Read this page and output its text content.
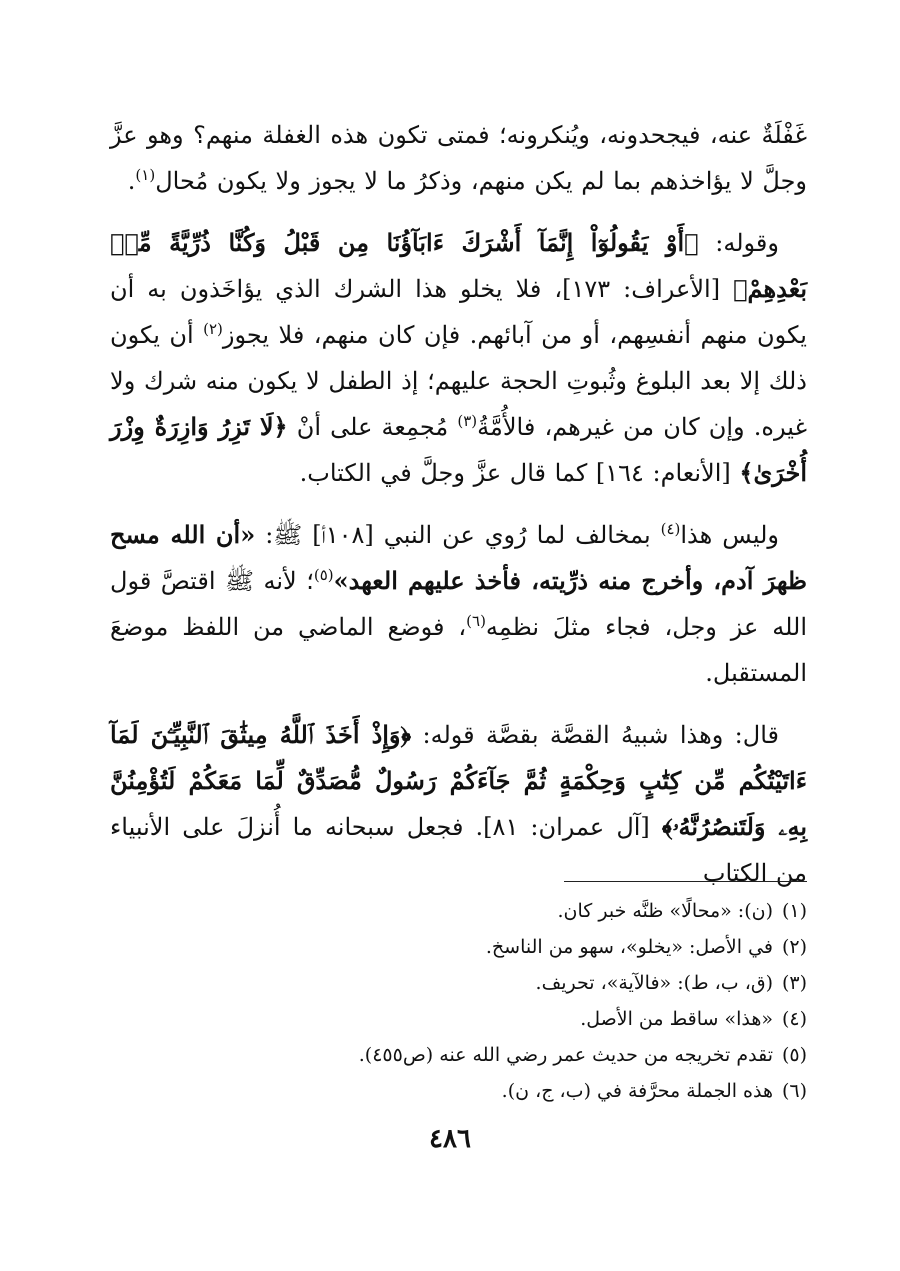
غَفْلَةٌ عنه، فيجحدونه، ويُنكرونه؛ فمتى تكون هذه الغفلة منهم؟ وهو عزَّ وجلَّ لا يؤاخذهم بما لم يكن منهم، وذكرُ ما لا يجوز ولا يكون مُحال$^{(١)}$.

وقوله: ﴿أَوْ يَقُولُوٓاْ إِنَّمَآ أَشْرَكَ ءَابَآؤُنَا مِن قَبْلُ وَكُنَّا ذُرِّيَّةً مِّنۢ بَعْدِهِمْ﴾ [الأعراف: ١٧٣]، فلا يخلو هذا الشرك الذي يؤاخَذون به أن يكون منهم أنفسِهم، أو من آبائهم. فإن كان منهم، فلا يجوز$^{(٢)}$ أن يكون ذلك إلا بعد البلوغ وثُبوتِ الحجة عليهم؛ إذ الطفل لا يكون منه شرك ولا غيره. وإن كان من غيرهم، فالأُمَّةُ$^{(٣)}$ مُجمِعة على أنْ ﴿لَا تَزِرُ وَازِرَةٌ وِزْرَ أُخْرَىٰ﴾ [الأنعام: ١٦٤] كما قال عزَّ وجلَّ في الكتاب.

وليس هذا$^{(٤)}$ بمخالف لما رُوي عن النبي [١٠٨أ] ﷺ: «أن الله مسح ظهرَ آدم، وأخرج منه ذرِّيته، فأخذ عليهم العهد»$^{(٥)}$؛ لأنه ﷺ اقتصَّ قول الله عز وجل، فجاء مثلَ نظمِه$^{(٦)}$، فوضع الماضي من اللفظ موضعَ المستقبل.

قال: وهذا شبيهُ القصَّة بقصَّة قوله: ﴿وَإِذْ أَخَذَ ٱللَّهُ مِيثَٰقَ ٱلنَّبِيِّـۧنَ لَمَآ ءَاتَيْتُكُم مِّن كِتَٰبٍ وَحِكْمَةٍ ثُمَّ جَآءَكُمْ رَسُولٌ مُّصَدِّقٌ لِّمَا مَعَكُمْ لَتُؤْمِنُنَّ بِهِۦ وَلَتَنصُرُنَّهُۥ﴾ [آل عمران: ٨١]. فجعل سبحانه ما أُنزلَ على الأنبياء من الكتاب

(١)(ن): «محالًا» ظنَّه خبر كان.
(٢)في الأصل: «يخلو»، سهو من الناسخ.
(٣)(ق، ب، ط): «فالآية»، تحريف.
(٤)«هذا» ساقط من الأصل.
(٥)تقدم تخريجه من حديث عمر رضي الله عنه (ص٤٥٥).
(٦)هذه الجملة محرَّفة في (ب، ج، ن).
٤٨٦
